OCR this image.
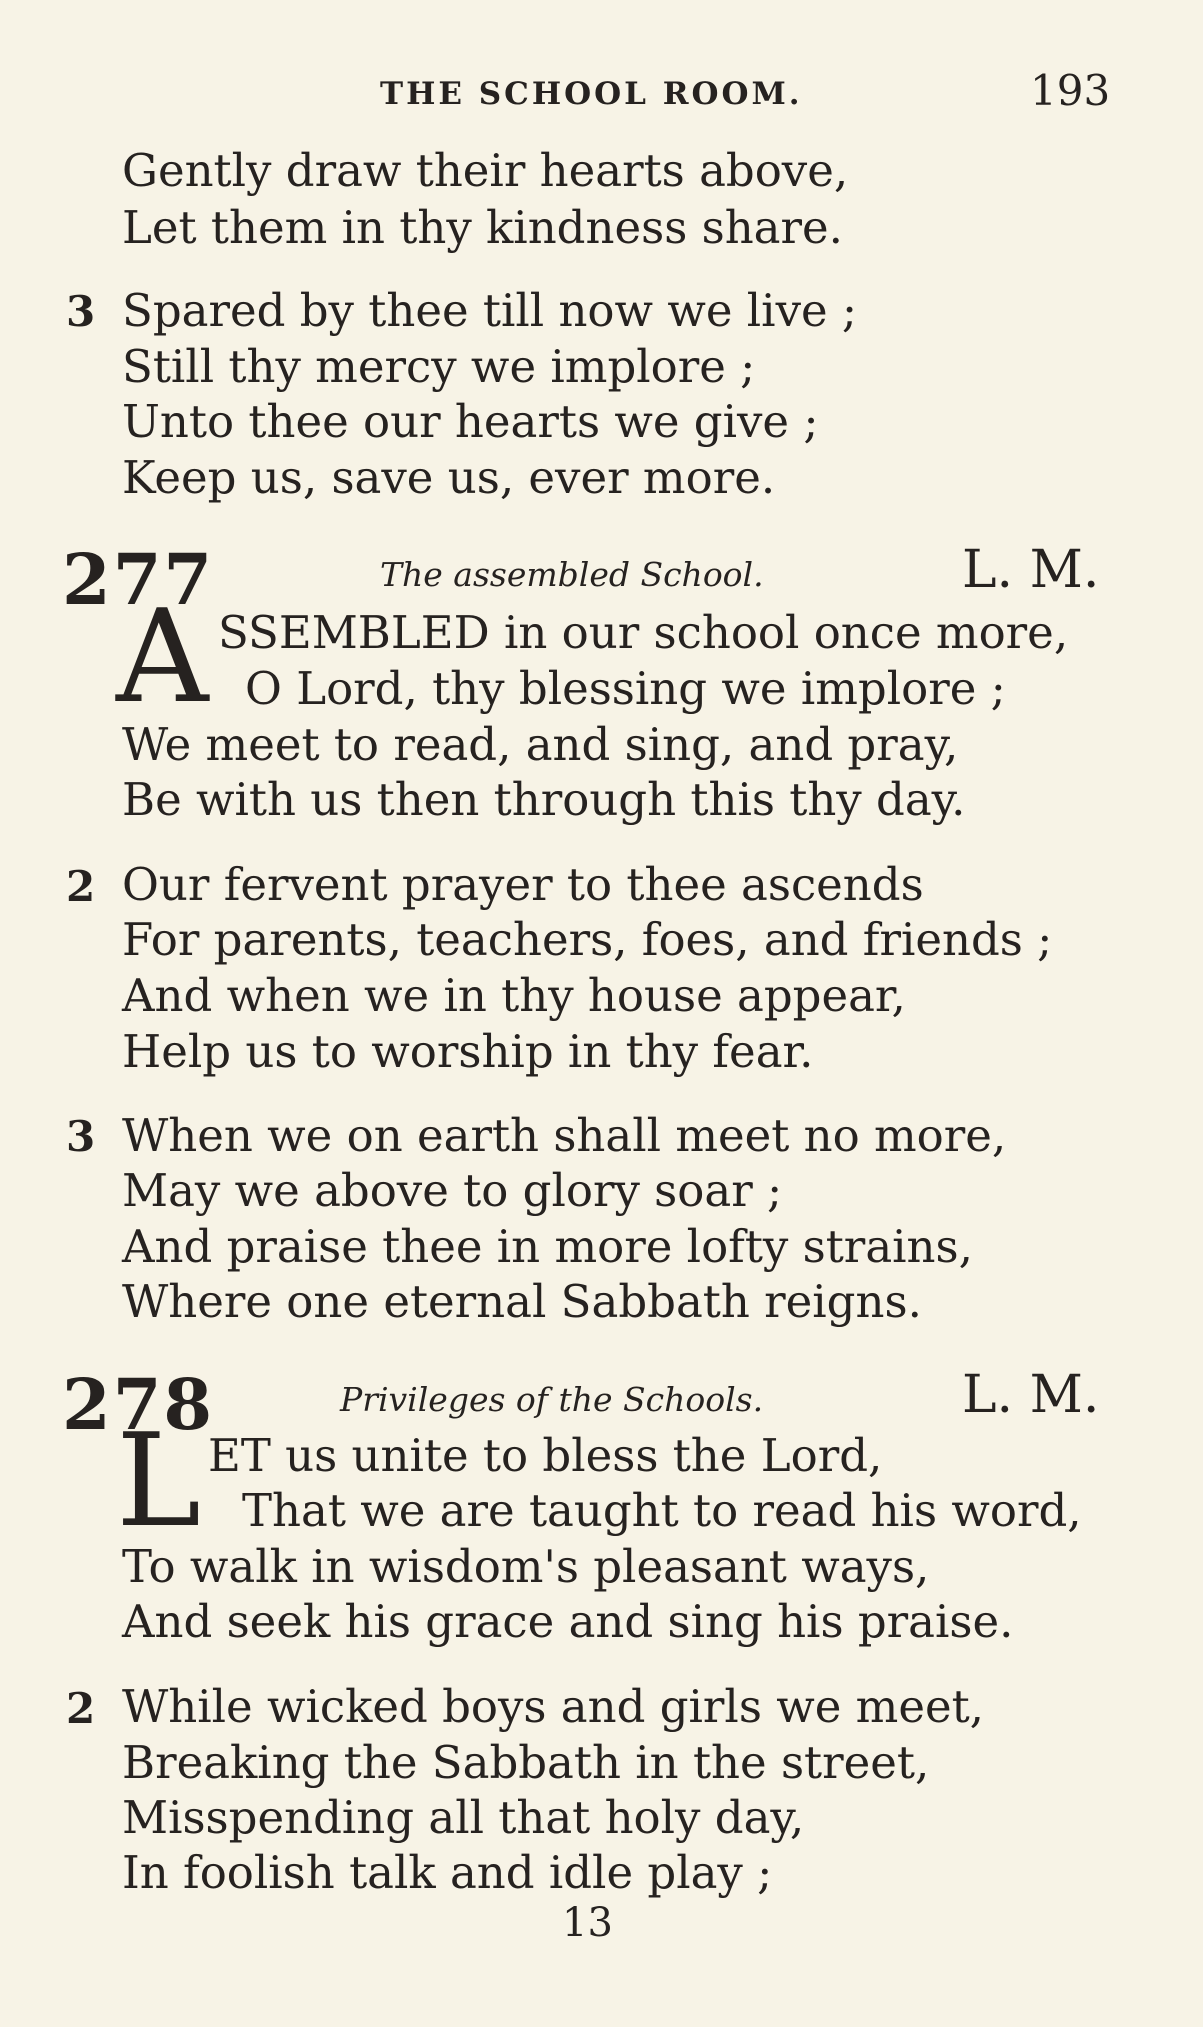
THE SCHOOL ROOM.	193
Gently draw their hearts above,
Let them in thy kindness share.
3 Spared by thee till now we live ;
Still thy mercy we implore ;
Unto thee our hearts we give ;
Keep us, save us, ever more.
277	The assembled School.	L. M.
A SSEMBLED in our school once more,
O Lord, thy blessing we implore ;
We meet to read, and sing, and pray,
Be with us then through this thy day.
2 Our fervent prayer to thee ascends
For parents, teachers, foes, and friends ;
And when we in thy house appear,
Help us to worship in thy fear.
3 When we on earth shall meet no more,
May we above to glory soar ;
And praise thee in more lofty strains,
Where one eternal Sabbath reigns.
278	Privileges of the Schools.	L. M.
L ET us unite to bless the Lord,
That we are taught to read his word,
To walk in wisdom's pleasant ways,
And seek his grace and sing his praise.
2 While wicked boys and girls we meet,
Breaking the Sabbath in the street,
Misspending all that holy day,
In foolish talk and idle play ;
13
